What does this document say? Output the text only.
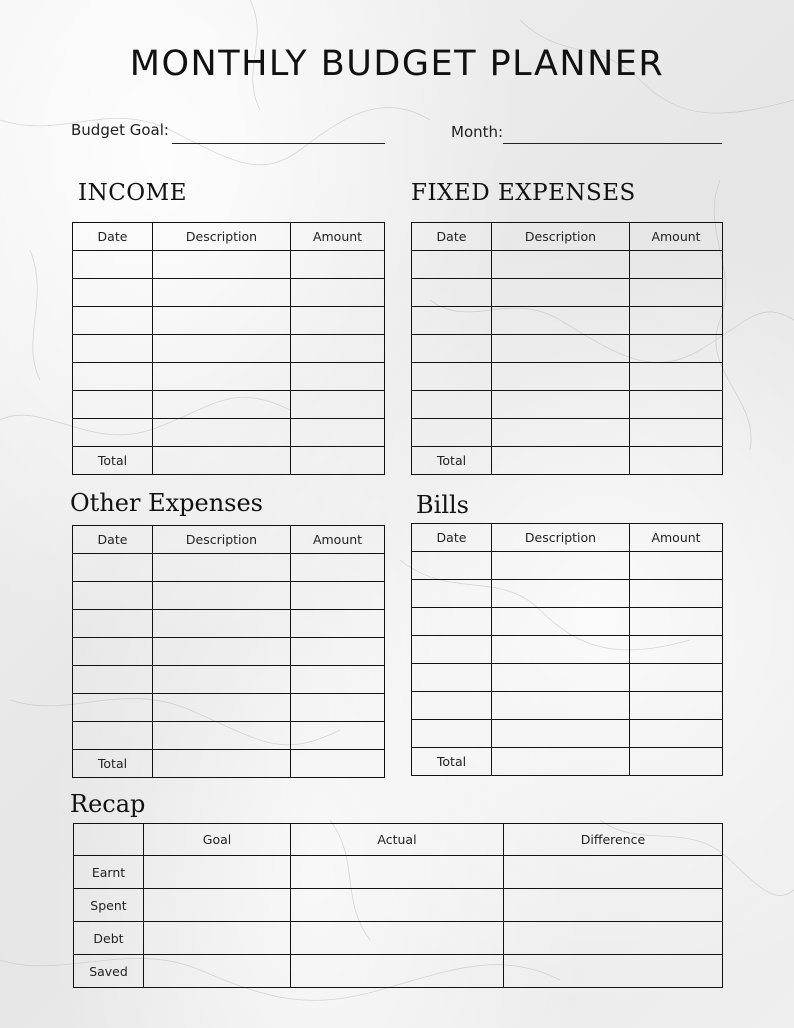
MONTHLY BUDGET PLANNER
Budget Goal:	Month:
INCOME
Date	Description	Amount

Total		
FIXED EXPENSES
Date	Description	Amount

Total		
Other Expenses
Date	Description	Amount

Total		
Bills
Date	Description	Amount

Total		
Recap
	Goal	Actual	Difference
Earnt			
Spent			
Debt			
Saved			
